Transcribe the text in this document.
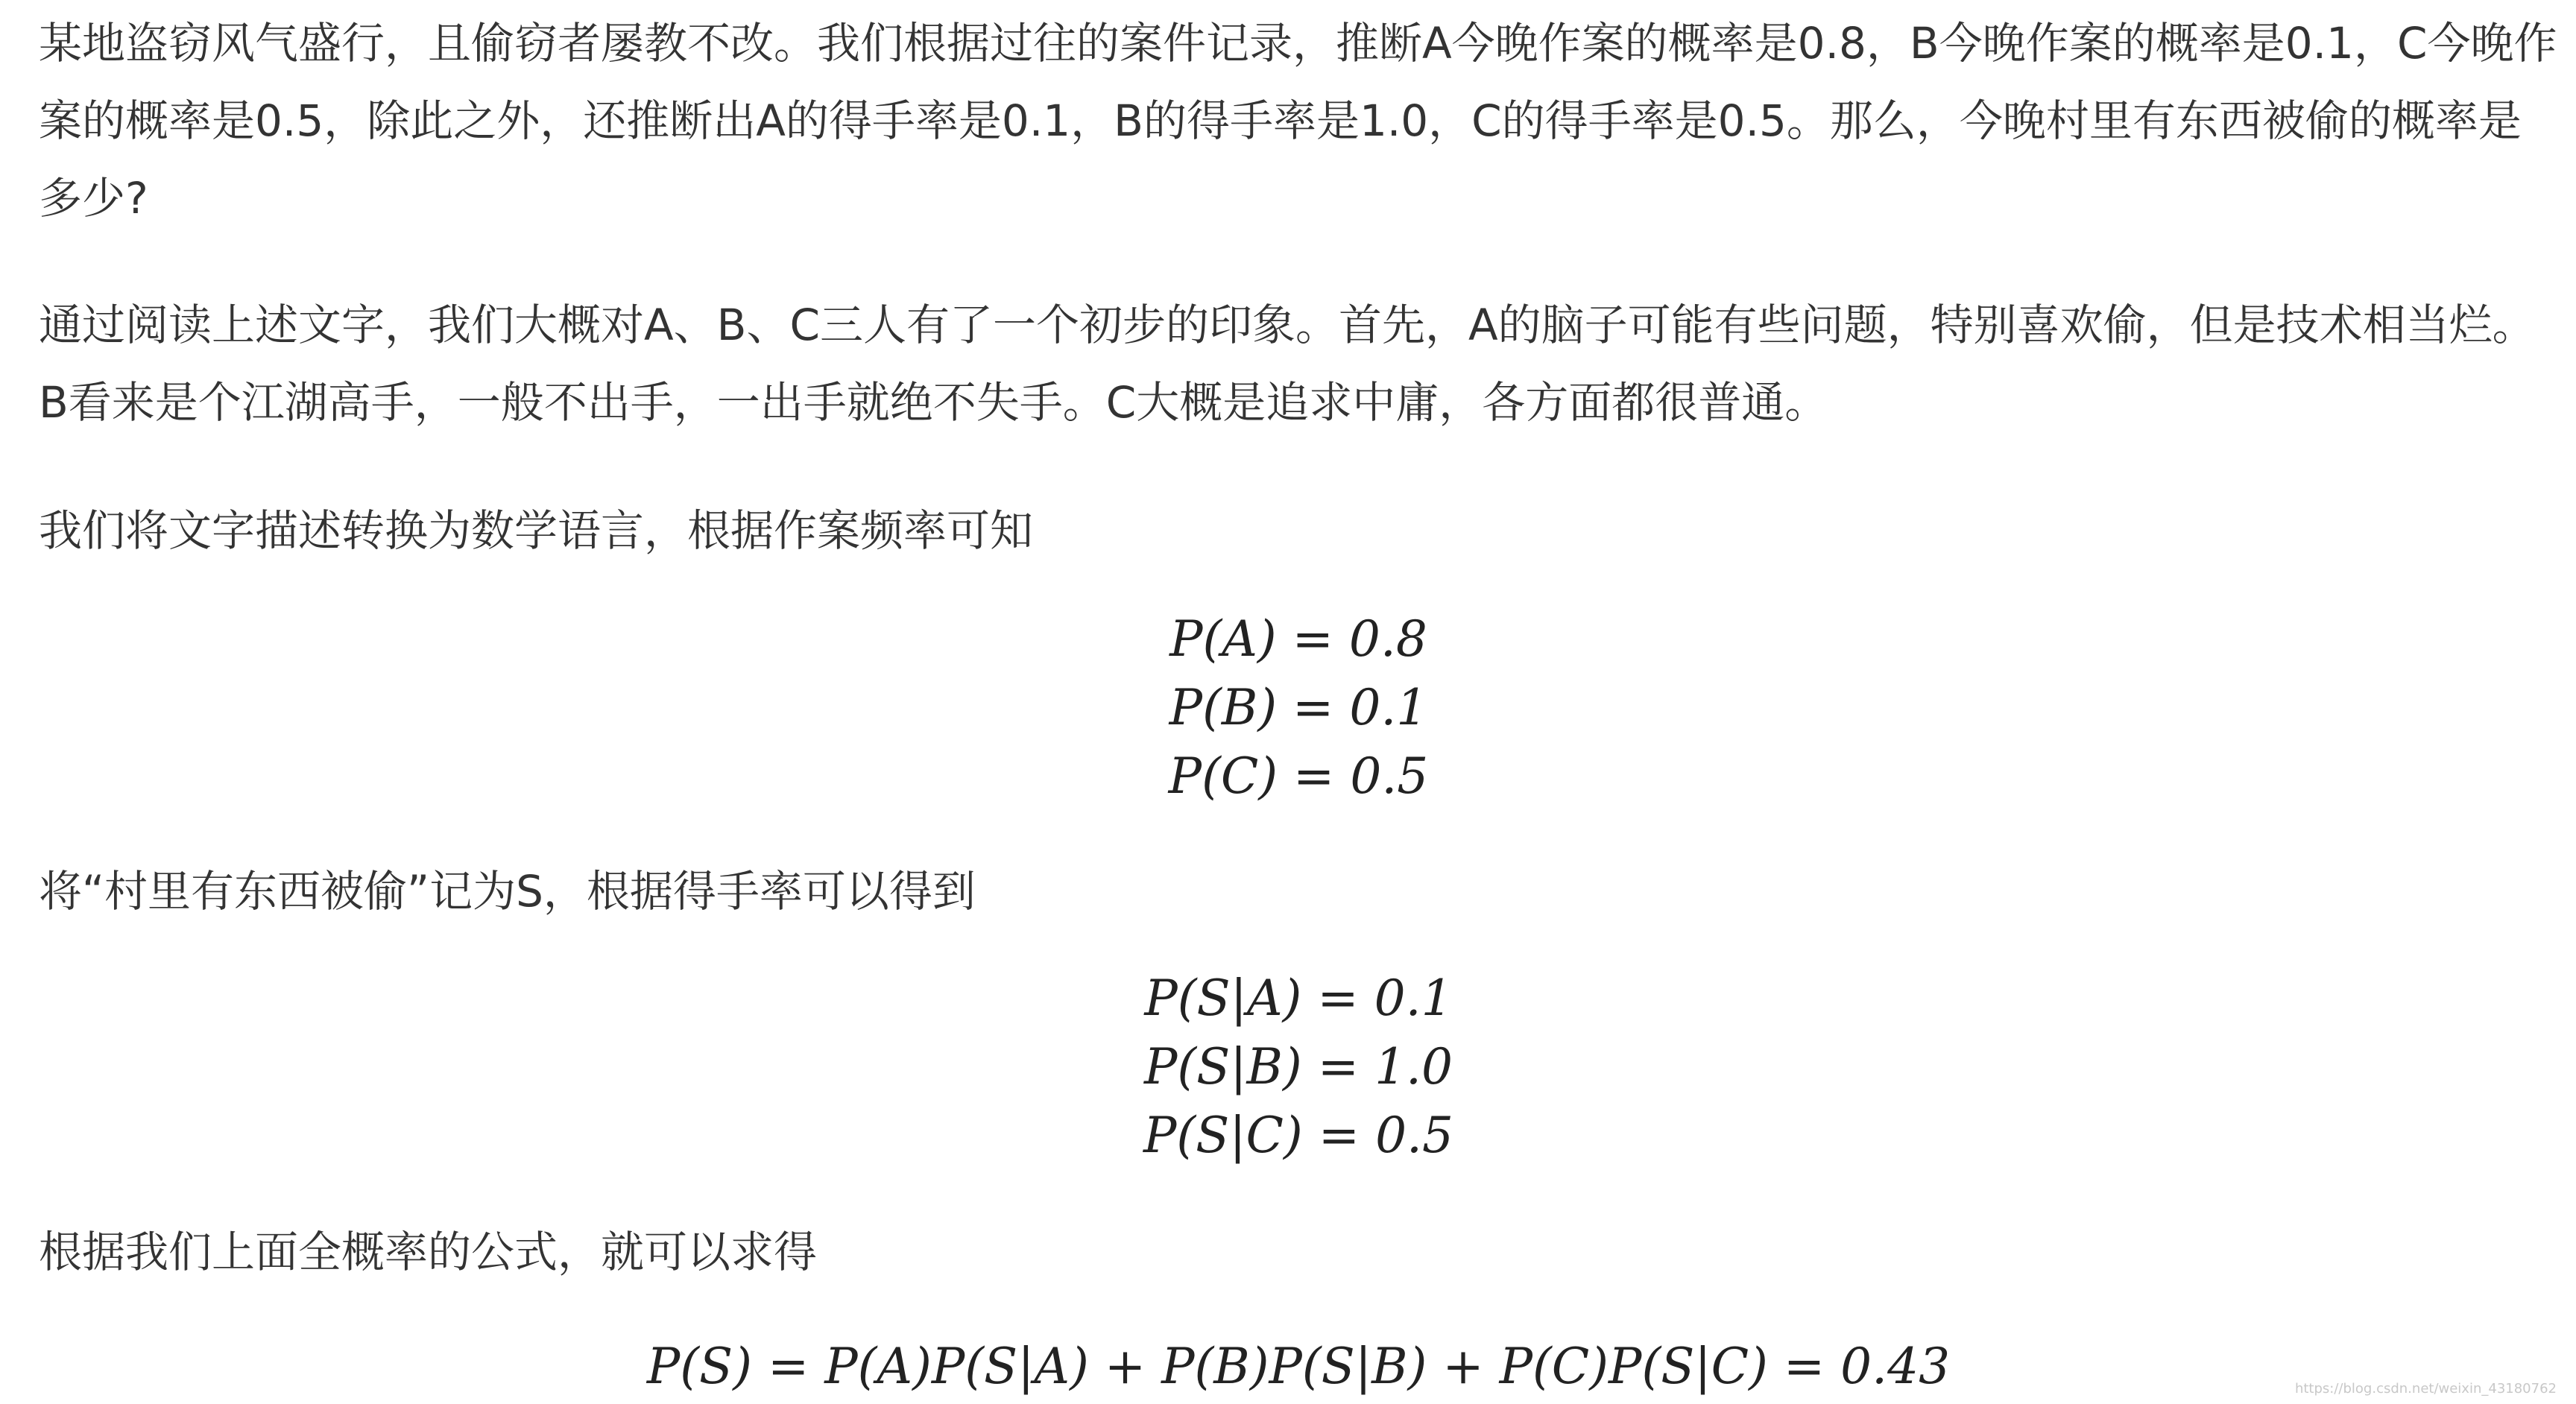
某地盗窃风气盛行，且偷窃者屡教不改。我们根据过往的案件记录，推断A今晚作案的概率是0.8，B今晚作案的概率是0.1，C今晚作案的概率是0.5，除此之外，还推断出A的得手率是0.1，B的得手率是1.0，C的得手率是0.5。那么，今晚村里有东西被偷的概率是多少?

通过阅读上述文字，我们大概对A、B、C三人有了一个初步的印象。首先，A的脑子可能有些问题，特别喜欢偷，但是技术相当烂。B看来是个江湖高手，一般不出手，一出手就绝不失手。C大概是追求中庸，各方面都很普通。

我们将文字描述转换为数学语言，根据作案频率可知

P(A) = 0.8
P(B) = 0.1
P(C) = 0.5

将“村里有东西被偷”记为S，根据得手率可以得到

P(S|A) = 0.1
P(S|B) = 1.0
P(S|C) = 0.5

根据我们上面全概率的公式，就可以求得

P(S) = P(A)P(S|A) + P(B)P(S|B) + P(C)P(S|C) = 0.43	https://blog.csdn.net/weixin_43180762
